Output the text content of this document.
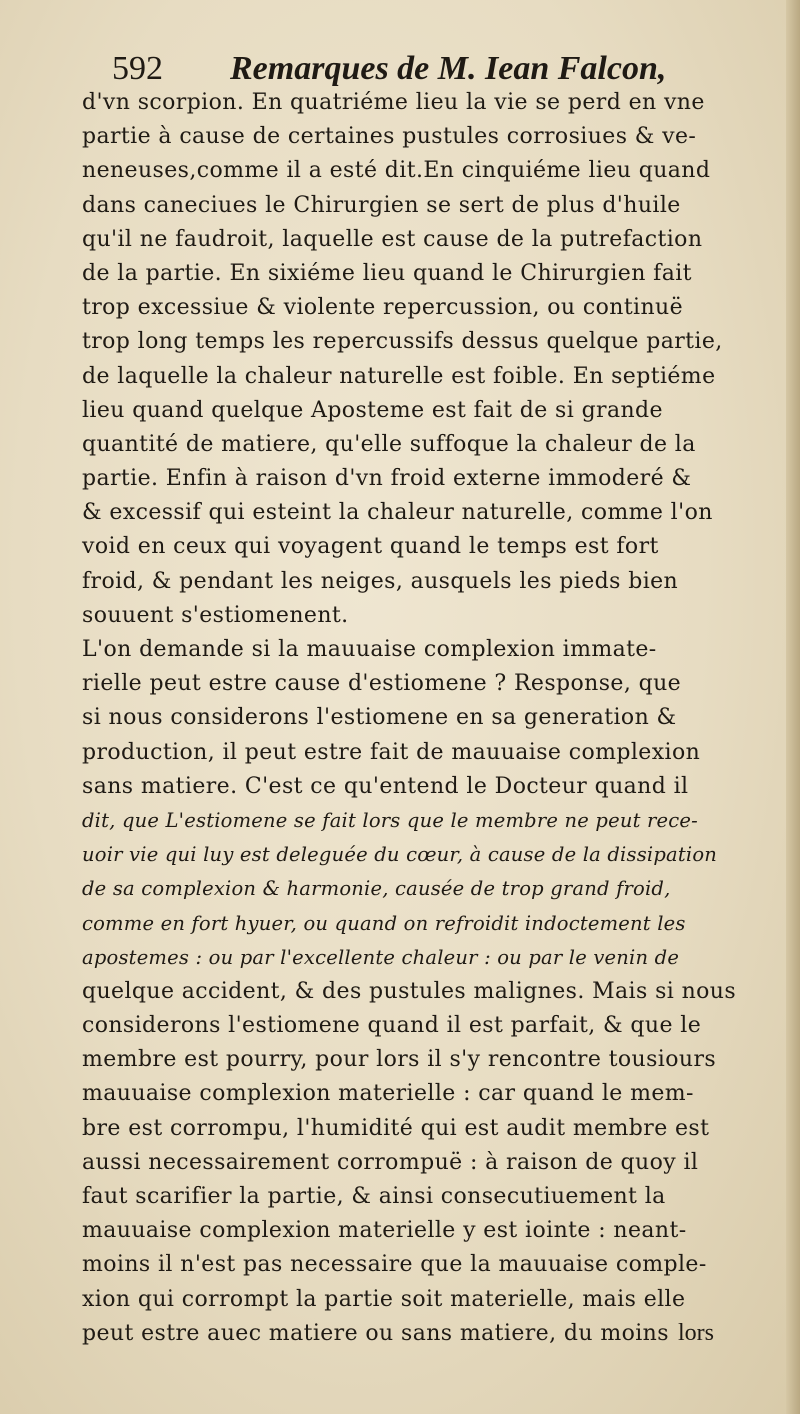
592 Remarques de M. Iean Falcon,
d'vn scorpion. En quatriéme lieu la vie se perd en vne
partie à cause de certaines pustules corrosiues & ve-
neneuses,comme il a esté dit.En cinquiéme lieu quand
dans caneciues le Chirurgien se sert de plus d'huile
qu'il ne faudroit, laquelle est cause de la putrefaction
de la partie. En sixiéme lieu quand le Chirurgien fait
trop excessiue & violente repercussion, ou continuë
trop long temps les repercussifs dessus quelque partie,
de laquelle la chaleur naturelle est foible. En septiéme
lieu quand quelque Aposteme est fait de si grande
quantité de matiere, qu'elle suffoque la chaleur de la
partie. Enfin à raison d'vn froid externe immoderé &
& excessif qui esteint la chaleur naturelle, comme l'on
void en ceux qui voyagent quand le temps est fort
froid, & pendant les neiges, ausquels les pieds bien
souuent s'estiomenent.
L'on demande si la mauuaise complexion immate-
rielle peut estre cause d'estiomene ? Response, que
si nous considerons l'estiomene en sa generation &
production, il peut estre fait de mauuaise complexion
sans matiere. C'est ce qu'entend le Docteur quand il
dit, que L'estiomene se fait lors que le membre ne peut rece-
uoir vie qui luy est deleguée du cœur, à cause de la dissipation
de sa complexion & harmonie, causée de trop grand froid,
comme en fort hyuer, ou quand on refroidit indoctement les
apostemes : ou par l'excellente chaleur : ou par le venin de
quelque accident, & des pustules malignes. Mais si nous
considerons l'estiomene quand il est parfait, & que le
membre est pourry, pour lors il s'y rencontre tousiours
mauuaise complexion materielle : car quand le mem-
bre est corrompu, l'humidité qui est audit membre est
aussi necessairement corrompuë : à raison de quoy il
faut scarifier la partie, & ainsi consecutiuement la
mauuaise complexion materielle y est iointe : neant-
moins il n'est pas necessaire que la mauuaise comple-
xion qui corrompt la partie soit materielle, mais elle
peut estre auec matiere ou sans matiere, du moins lors
